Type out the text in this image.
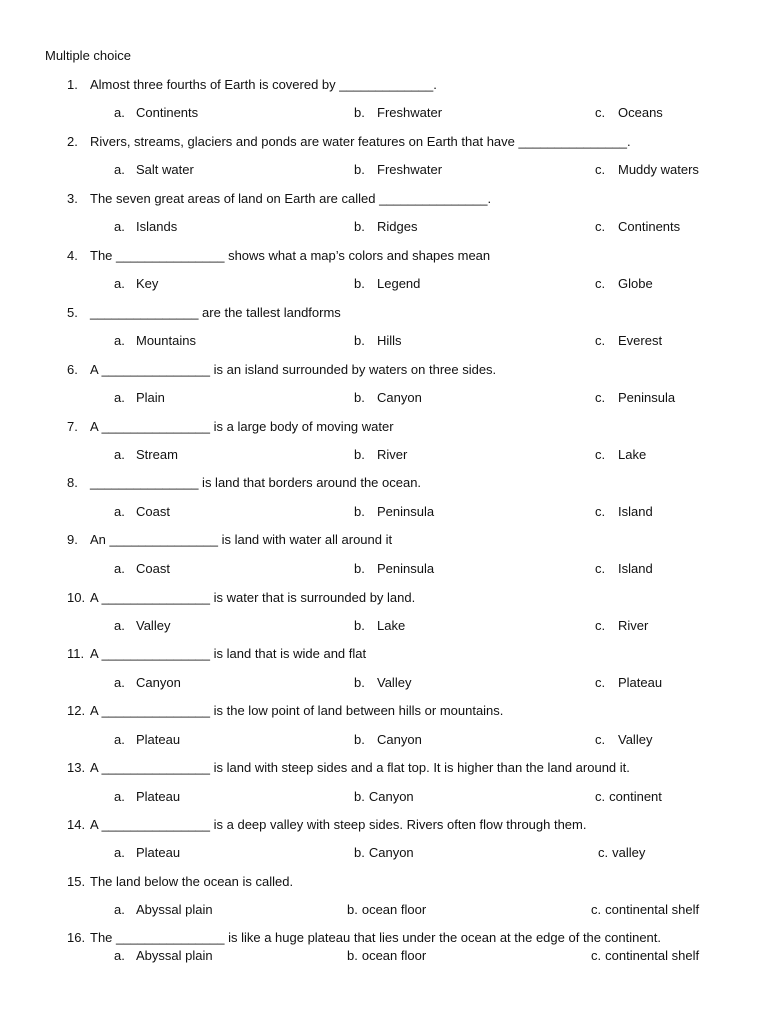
Multiple choice
1. Almost three fourths of Earth is covered by _____________.
a. Continents	b. Freshwater	c. Oceans
2. Rivers, streams, glaciers and ponds are water features on Earth that have _______________.
a. Salt water	b. Freshwater	c. Muddy waters
3. The seven great areas of land on Earth are called _______________.
a. Islands	b. Ridges	c. Continents
4. The _______________ shows what a map’s colors and shapes mean
a. Key	b. Legend	c. Globe
5. _______________ are the tallest landforms
a. Mountains	b. Hills	c. Everest
6. A _______________ is an island surrounded by waters on three sides.
a. Plain	b. Canyon	c. Peninsula
7. A _______________ is a large body of moving water
a. Stream	b. River	c. Lake
8. _______________ is land that borders around the ocean.
a. Coast	b. Peninsula	c. Island
9. An _______________ is land with water all around it
a. Coast	b. Peninsula	c. Island
10. A _______________ is water that is surrounded by land.
a. Valley	b. Lake	c. River
11. A _______________ is land that is wide and flat
a. Canyon	b. Valley	c. Plateau
12. A _______________ is the low point of land between hills or mountains.
a. Plateau	b. Canyon	c. Valley
13. A _______________ is land with steep sides and a flat top. It is higher than the land around it.
a. Plateau	b. Canyon	c. continent
14. A _______________ is a deep valley with steep sides. Rivers often flow through them.
a. Plateau	b. Canyon	c. valley
15. The land below the ocean is called.
a. Abyssal plain	b. ocean floor	c. continental shelf
16. The _______________ is like a huge plateau that lies under the ocean at the edge of the continent.
a. Abyssal plain	b. ocean floor	c. continental shelf
